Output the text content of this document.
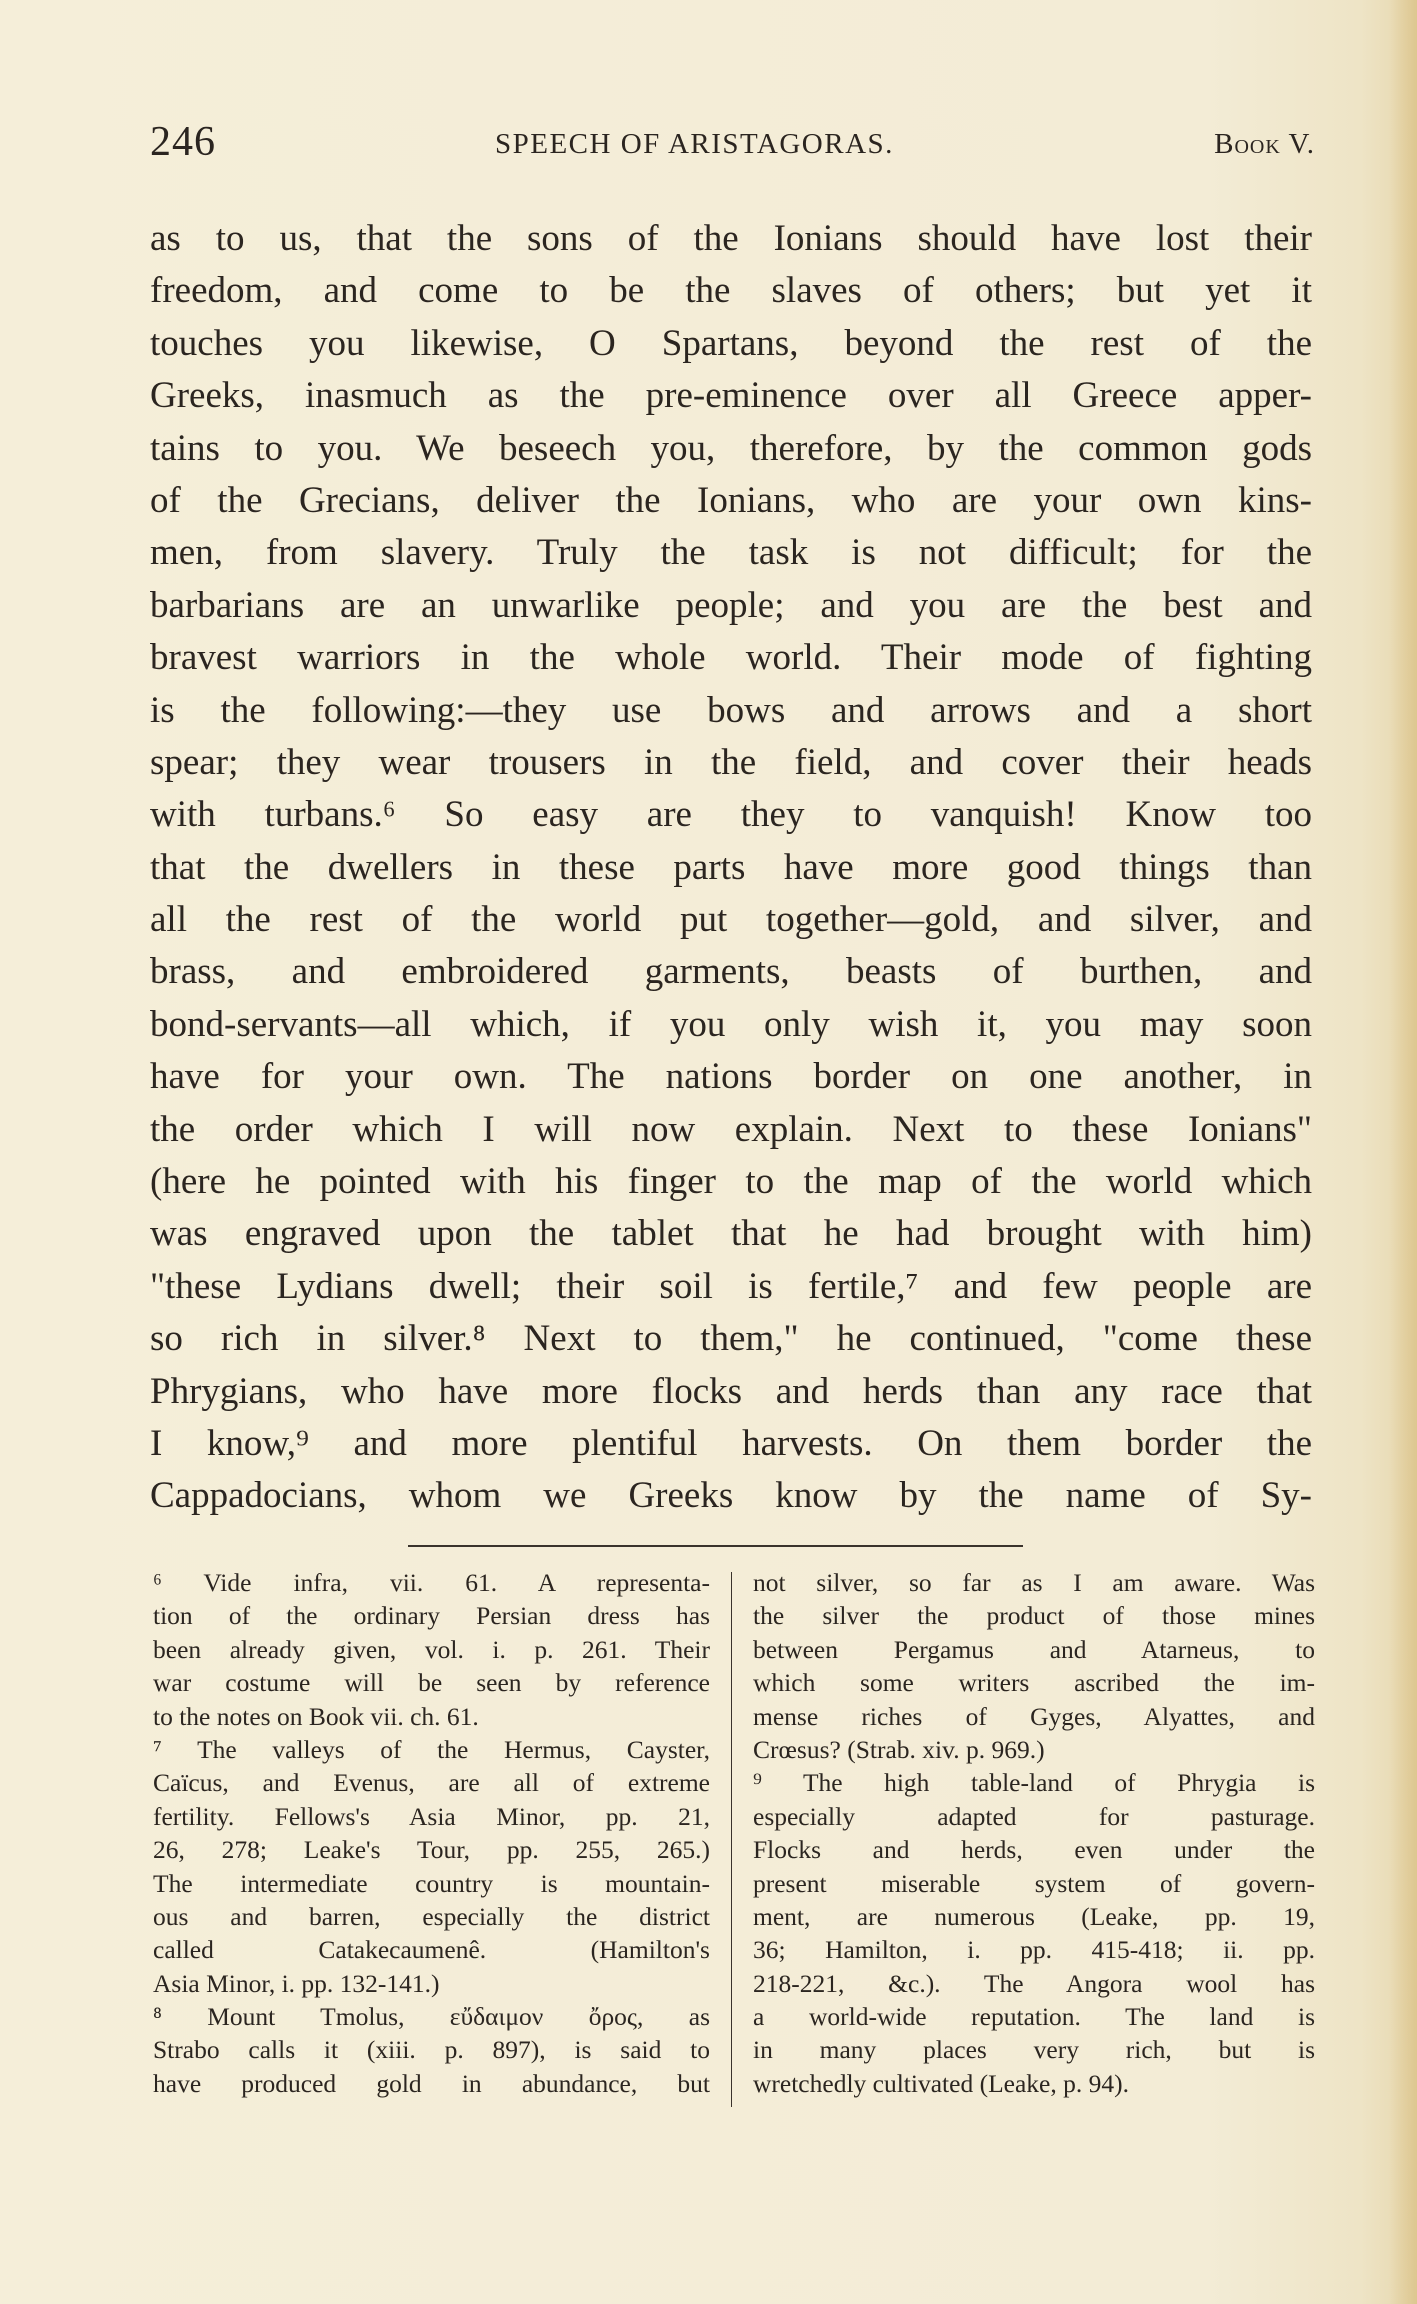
246	SPEECH OF ARISTAGORAS.	Book V.
as to us, that the sons of the Ionians should have lost their
freedom, and come to be the slaves of others; but yet it
touches you likewise, O Spartans, beyond the rest of the
Greeks, inasmuch as the pre-eminence over all Greece apper-
tains to you. We beseech you, therefore, by the common gods
of the Grecians, deliver the Ionians, who are your own kins-
men, from slavery. Truly the task is not difficult; for the
barbarians are an unwarlike people; and you are the best and
bravest warriors in the whole world. Their mode of fighting
is the following:—they use bows and arrows and a short
spear; they wear trousers in the field, and cover their heads
with turbans.⁶ So easy are they to vanquish! Know too
that the dwellers in these parts have more good things than
all the rest of the world put together—gold, and silver, and
brass, and embroidered garments, beasts of burthen, and
bond-servants—all which, if you only wish it, you may soon
have for your own. The nations border on one another, in
the order which I will now explain. Next to these Ionians"
(here he pointed with his finger to the map of the world which
was engraved upon the tablet that he had brought with him)
"these Lydians dwell; their soil is fertile,⁷ and few people are
so rich in silver.⁸ Next to them," he continued, "come these
Phrygians, who have more flocks and herds than any race that
I know,⁹ and more plentiful harvests. On them border the
Cappadocians, whom we Greeks know by the name of Sy-
⁶ Vide infra, vii. 61. A representa-
tion of the ordinary Persian dress has
been already given, vol. i. p. 261. Their
war costume will be seen by reference
to the notes on Book vii. ch. 61.
⁷ The valleys of the Hermus, Cayster,
Caïcus, and Evenus, are all of extreme
fertility. Fellows's Asia Minor, pp. 21,
26, 278; Leake's Tour, pp. 255, 265.)
The intermediate country is mountain-
ous and barren, especially the district
called Catakecaumenê. (Hamilton's
Asia Minor, i. pp. 132-141.)
⁸ Mount Tmolus, εὔδαιμον ὄρος, as
Strabo calls it (xiii. p. 897), is said to
have produced gold in abundance, but
not silver, so far as I am aware. Was
the silver the product of those mines
between Pergamus and Atarneus, to
which some writers ascribed the im-
mense riches of Gyges, Alyattes, and
Crœsus? (Strab. xiv. p. 969.)
⁹ The high table-land of Phrygia is
especially adapted for pasturage.
Flocks and herds, even under the
present miserable system of govern-
ment, are numerous (Leake, pp. 19,
36; Hamilton, i. pp. 415-418; ii. pp.
218-221, &c.). The Angora wool has
a world-wide reputation. The land is
in many places very rich, but is
wretchedly cultivated (Leake, p. 94).
